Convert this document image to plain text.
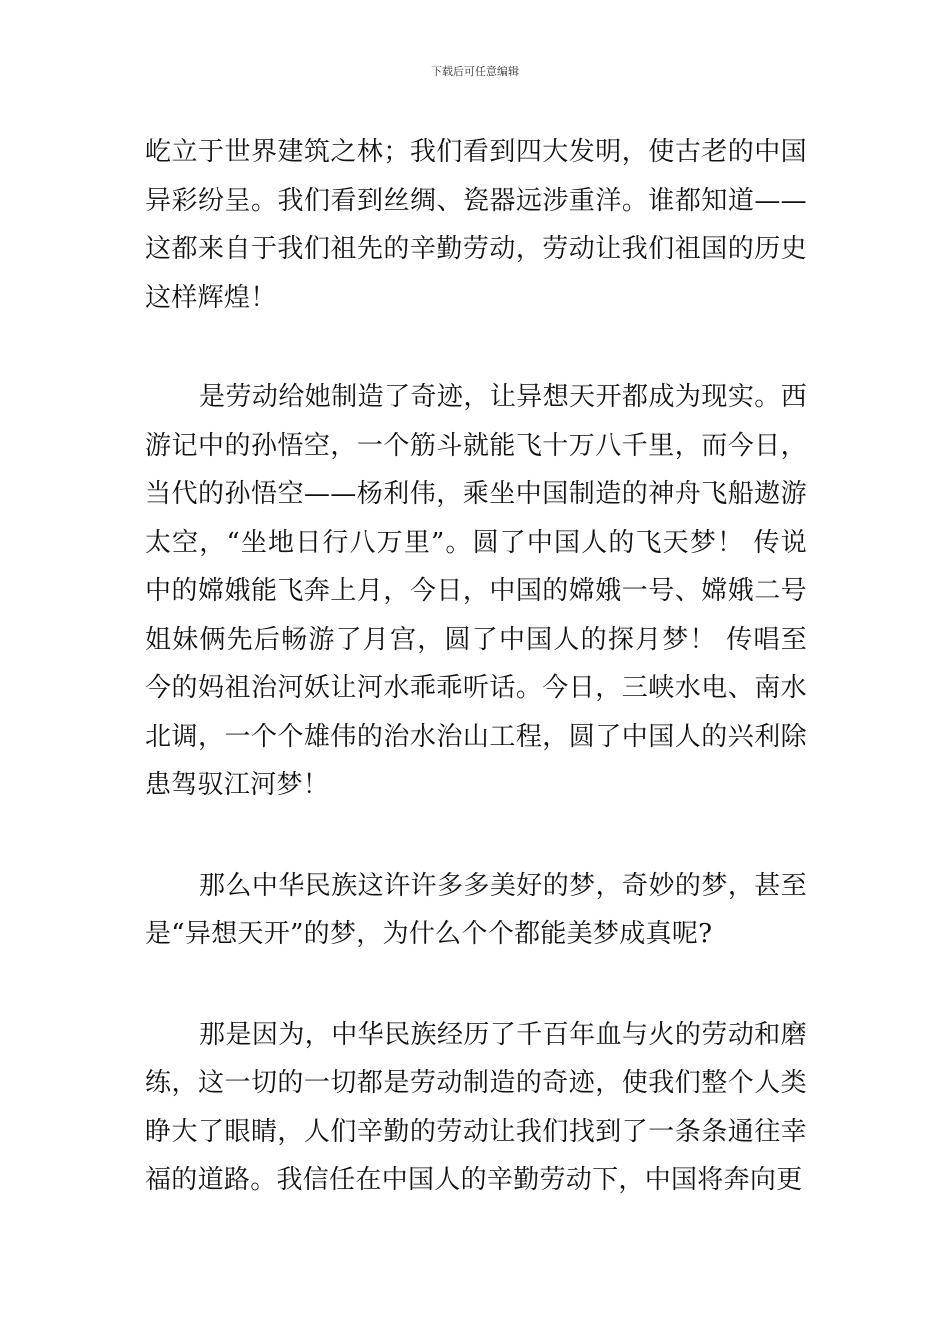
下载后可任意编辑

屹立于世界建筑之林；我们看到四大发明，使古老的中国异彩纷呈。我们看到丝绸、瓷器远涉重洋。谁都知道——这都来自于我们祖先的辛勤劳动，劳动让我们祖国的历史这样辉煌！

是劳动给她制造了奇迹，让异想天开都成为现实。西游记中的孙悟空，一个筋斗就能飞十万八千里，而今日，当代的孙悟空——杨利伟，乘坐中国制造的神舟飞船遨游太空，“坐地日行八万里”。圆了中国人的飞天梦！ 传说中的嫦娥能飞奔上月，今日，中国的嫦娥一号、嫦娥二号姐妹俩先后畅游了月宫，圆了中国人的探月梦！ 传唱至今的妈祖治河妖让河水乖乖听话。今日，三峡水电、南水北调，一个个雄伟的治水治山工程，圆了中国人的兴利除患驾驭江河梦！

那么中华民族这许许多多美好的梦，奇妙的梦，甚至是“异想天开”的梦，为什么个个都能美梦成真呢?

那是因为，中华民族经历了千百年血与火的劳动和磨练，这一切的一切都是劳动制造的奇迹，使我们整个人类睁大了眼睛，人们辛勤的劳动让我们找到了一条条通往幸福的道路。我信任在中国人的辛勤劳动下，中国将奔向更
